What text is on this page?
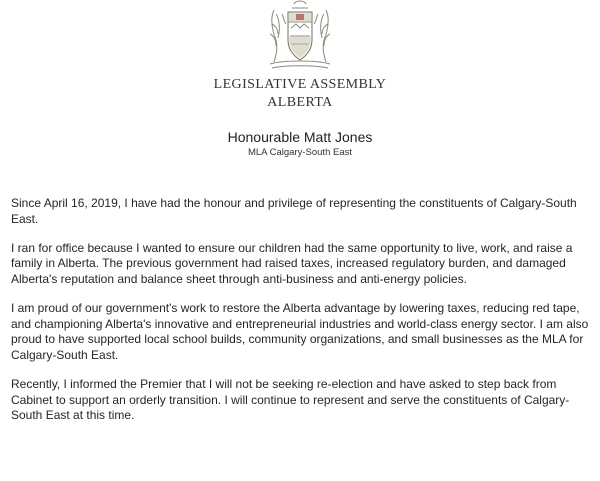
LEGISLATIVE ASSEMBLY
ALBERTA
Honourable Matt Jones
MLA Calgary-South East

Since April 16, 2019, I have had the honour and privilege of representing the constituents of Calgary-South East.

I ran for office because I wanted to ensure our children had the same opportunity to live, work, and raise a family in Alberta. The previous government had raised taxes, increased regulatory burden, and damaged Alberta's reputation and balance sheet through anti-business and anti-energy policies.

I am proud of our government's work to restore the Alberta advantage by lowering taxes, reducing red tape, and championing Alberta's innovative and entrepreneurial industries and world-class energy sector. I am also proud to have supported local school builds, community organizations, and small businesses as the MLA for Calgary-South East.

Recently, I informed the Premier that I will not be seeking re-election and have asked to step back from Cabinet to support an orderly transition. I will continue to represent and serve the constituents of Calgary-South East at this time.
